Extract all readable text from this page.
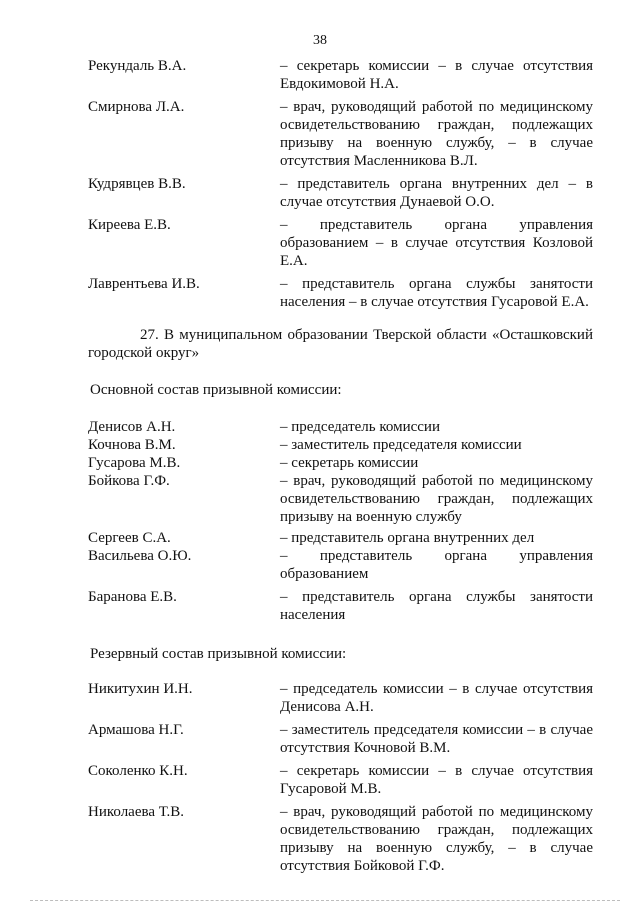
38
Рекундаль В.А.	– секретарь комиссии – в случае отсутствия Евдокимовой Н.А.
Смирнова Л.А.	– врач, руководящий работой по медицинскому освидетельствованию граждан, подлежащих призыву на военную службу, – в случае отсутствия Масленникова В.Л.
Кудрявцев В.В.	– представитель органа внутренних дел – в случае отсутствия Дунаевой О.О.
Киреева Е.В.	– представитель органа управления образованием – в случае отсутствия Козловой Е.А.
Лаврентьева И.В.	– представитель органа службы занятости населения – в случае отсутствия Гусаровой Е.А.
27. В муниципальном образовании Тверской области «Осташковский городской округ»
Основной состав призывной комиссии:
Денисов А.Н.	– председатель комиссии
Кочнова В.М.	– заместитель председателя комиссии
Гусарова М.В.	– секретарь комиссии
Бойкова Г.Ф.	– врач, руководящий работой по медицинскому освидетельствованию граждан, подлежащих призыву на военную службу
Сергеев С.А.	– представитель органа внутренних дел
Васильева О.Ю.	– представитель органа управления образованием
Баранова Е.В.	– представитель органа службы занятости населения
Резервный состав призывной комиссии:
Никитухин И.Н.	– председатель комиссии – в случае отсутствия Денисова А.Н.
Армашова Н.Г.	– заместитель председателя комиссии – в случае отсутствия Кочновой В.М.
Соколенко К.Н.	– секретарь комиссии – в случае отсутствия Гусаровой М.В.
Николаева Т.В.	– врач, руководящий работой по медицинскому освидетельствованию граждан, подлежащих призыву на военную службу, – в случае отсутствия Бойковой Г.Ф.
